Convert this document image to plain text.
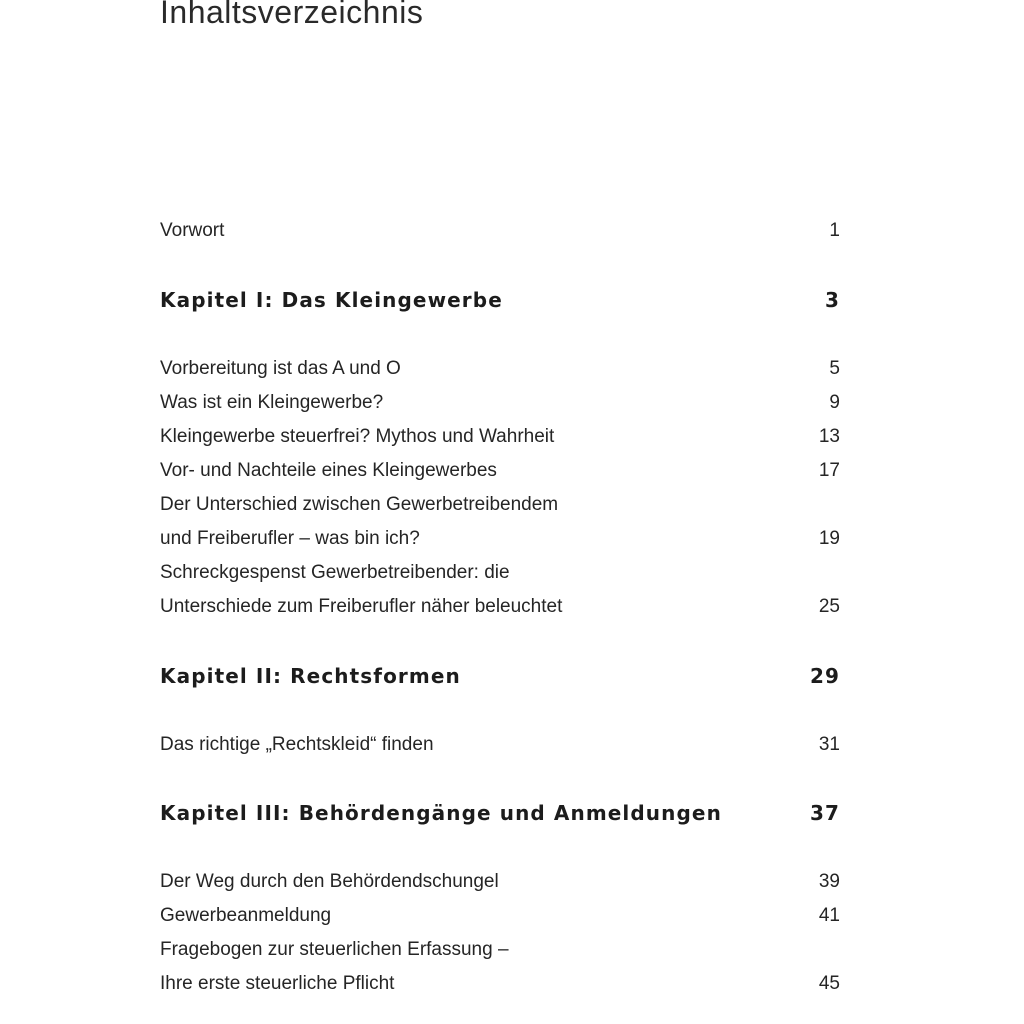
Inhaltsverzeichnis
Vorwort	1
Kapitel I: Das Kleingewerbe	3
Vorbereitung ist das A und O	5
Was ist ein Kleingewerbe?	9
Kleingewerbe steuerfrei? Mythos und Wahrheit	13
Vor- und Nachteile eines Kleingewerbes	17
Der Unterschied zwischen Gewerbetreibendem
und Freiberufler – was bin ich?	19
Schreckgespenst Gewerbetreibender: die
Unterschiede zum Freiberufler näher beleuchtet	25
Kapitel II: Rechtsformen	29
Das richtige „Rechtskleid“ finden	31
Kapitel III: Behördengänge und Anmeldungen	37
Der Weg durch den Behördendschungel	39
Gewerbeanmeldung	41
Fragebogen zur steuerlichen Erfassung –
Ihre erste steuerliche Pflicht	45
